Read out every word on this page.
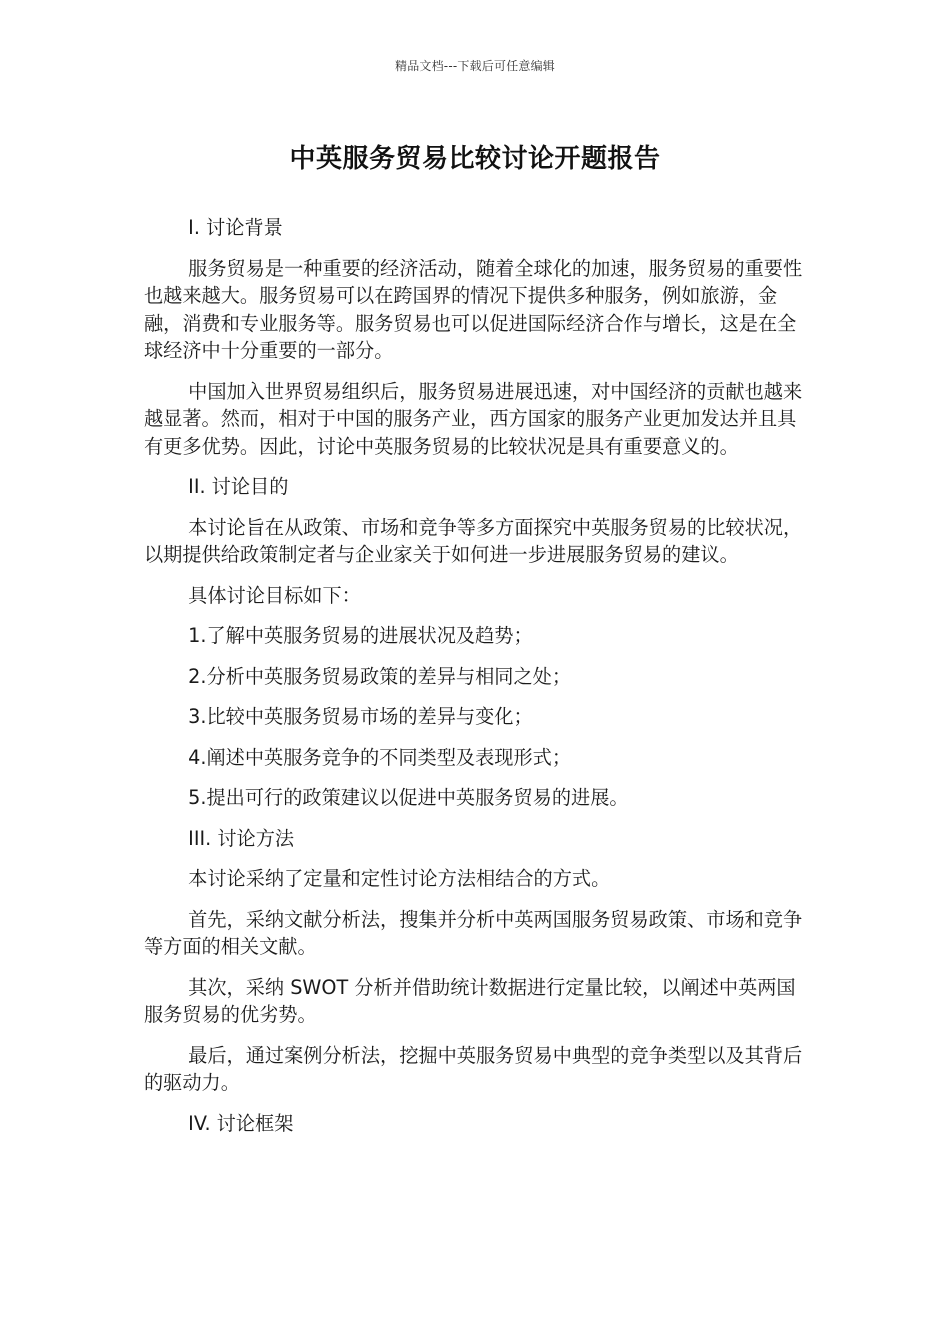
精品文档---下载后可任意编辑
中英服务贸易比较讨论开题报告

I. 讨论背景

服务贸易是一种重要的经济活动，随着全球化的加速，服务贸易的重要性也越来越大。服务贸易可以在跨国界的情况下提供多种服务，例如旅游，金融，消费和专业服务等。服务贸易也可以促进国际经济合作与增长，这是在全球经济中十分重要的一部分。

中国加入世界贸易组织后，服务贸易进展迅速，对中国经济的贡献也越来越显著。然而，相对于中国的服务产业，西方国家的服务产业更加发达并且具有更多优势。因此，讨论中英服务贸易的比较状况是具有重要意义的。

II. 讨论目的

本讨论旨在从政策、市场和竞争等多方面探究中英服务贸易的比较状况，以期提供给政策制定者与企业家关于如何进一步进展服务贸易的建议。

具体讨论目标如下：

1.了解中英服务贸易的进展状况及趋势；

2.分析中英服务贸易政策的差异与相同之处；

3.比较中英服务贸易市场的差异与变化；

4.阐述中英服务竞争的不同类型及表现形式；

5.提出可行的政策建议以促进中英服务贸易的进展。

III. 讨论方法

本讨论采纳了定量和定性讨论方法相结合的方式。

首先，采纳文献分析法，搜集并分析中英两国服务贸易政策、市场和竞争等方面的相关文献。

其次，采纳 SWOT 分析并借助统计数据进行定量比较，以阐述中英两国服务贸易的优劣势。

最后，通过案例分析法，挖掘中英服务贸易中典型的竞争类型以及其背后的驱动力。

IV. 讨论框架
